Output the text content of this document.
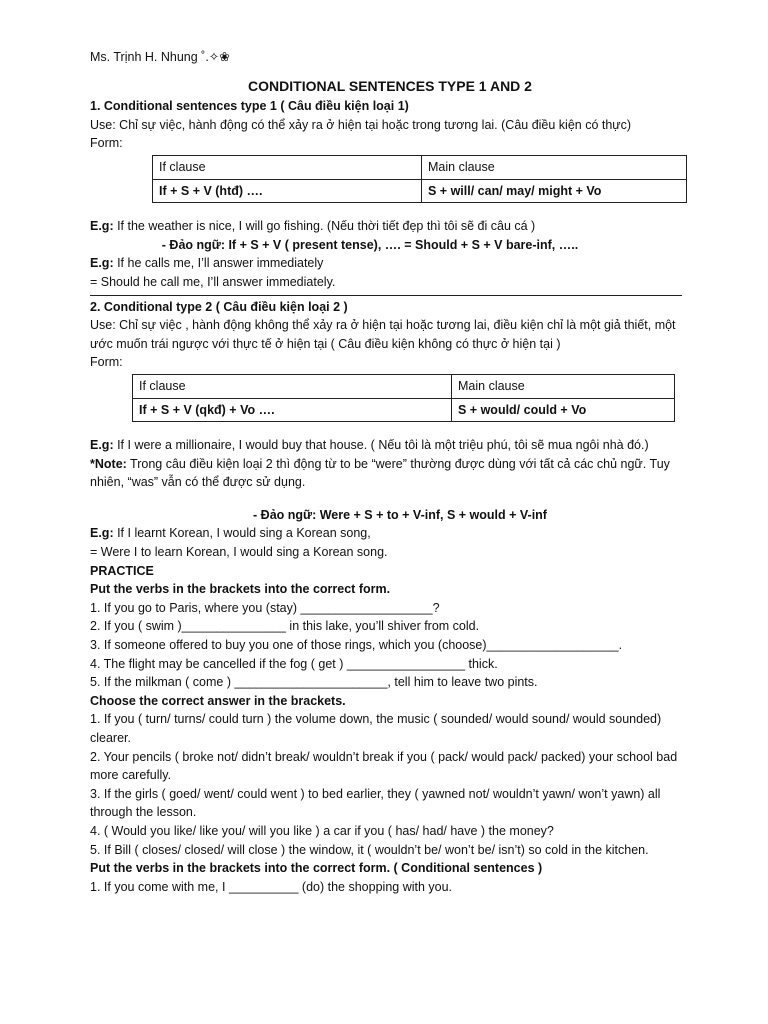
Ms. Trịnh H. Nhung ˚.✧❀

CONDITIONAL SENTENCES TYPE 1 AND 2

1. Conditional sentences type 1 ( Câu điều kiện loại 1)

Use: Chỉ sự việc, hành động có thể xảy ra ở hiện tại hoặc trong tương lai. (Câu điều kiện có thực)

Form:

If clause	Main clause
If + S + V (htđ) ….	S + will/ can/ may/ might + Vo

E.g: If the weather is nice, I will go fishing. (Nếu thời tiết đẹp thì tôi sẽ đi câu cá )

- Đảo ngữ: If + S + V ( present tense), …. = Should + S + V bare-inf, …..

E.g: If he calls me, I’ll answer immediately

= Should he call me, I’ll answer immediately.

2. Conditional type 2 ( Câu điều kiện loại 2 )

Use: Chỉ sự việc , hành động không thể xảy ra ở hiện tại hoặc tương lai, điều kiện chỉ là một giả thiết, một ước muốn trái ngược với thực tế ở hiện tại ( Câu điều kiện không có thực ở hiện tại )

Form:

If clause	Main clause
If + S + V (qkđ) + Vo ….	S + would/ could + Vo

E.g: If I were a millionaire, I would buy that house. ( Nếu tôi là một triệu phú, tôi sẽ mua ngôi nhà đó.)

*Note: Trong câu điều kiện loại 2 thì động từ to be “were” thường được dùng với tất cả các chủ ngữ. Tuy nhiên, “was” vẫn có thể được sử dụng.

- Đảo ngữ: Were + S + to + V-inf, S + would + V-inf

E.g: If I learnt Korean, I would sing a Korean song,

= Were I to learn Korean, I would sing a Korean song.

PRACTICE

Put the verbs in the brackets into the correct form.

1. If you go to Paris, where you (stay) ___________________?

2. If you ( swim )_______________ in this lake, you’ll shiver from cold.

3. If someone offered to buy you one of those rings, which you (choose)___________________.

4. The flight may be cancelled if the fog ( get ) _________________ thick.

5. If the milkman ( come ) ______________________, tell him to leave two pints.

Choose the correct answer in the brackets.

1. If you ( turn/ turns/ could turn ) the volume down, the music ( sounded/ would sound/ would sounded) clearer.

2. Your pencils ( broke not/ didn’t break/ wouldn’t break if you ( pack/ would pack/ packed) your school bad more carefully.

3. If the girls ( goed/ went/ could went ) to bed earlier, they ( yawned not/ wouldn’t yawn/ won’t yawn) all through the lesson.

4. ( Would you like/ like you/ will you like ) a car if you ( has/ had/ have ) the money?

5. If Bill ( closes/ closed/ will close ) the window, it ( wouldn’t be/ won’t be/ isn’t) so cold in the kitchen.

Put the verbs in the brackets into the correct form. ( Conditional sentences )

1. If you come with me, I __________ (do) the shopping with you.
